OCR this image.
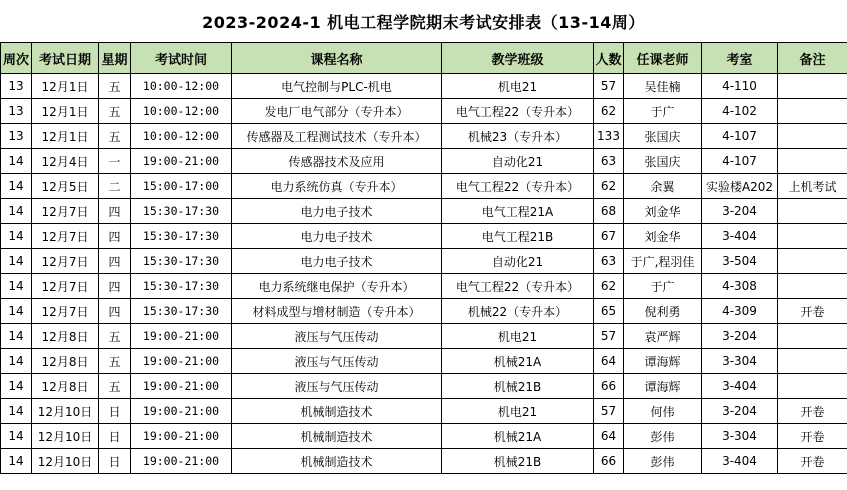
2023-2024-1 机电工程学院期末考试安排表（13-14周）
周次	考试日期	星期	考试时间	课程名称	教学班级	人数	任课老师	考室	备注
13	12月1日	五	10:00-12:00	电气控制与PLC-机电	机电21	57	吴佳楠	4-110	
13	12月1日	五	10:00-12:00	发电厂电气部分（专升本）	电气工程22（专升本）	62	于广	4-102	
13	12月1日	五	10:00-12:00	传感器及工程测试技术（专升本）	机械23（专升本）	133	张国庆	4-107	
14	12月4日	一	19:00-21:00	传感器技术及应用	自动化21	63	张国庆	4-107	
14	12月5日	二	15:00-17:00	电力系统仿真（专升本）	电气工程22（专升本）	62	余翼	实验楼A202	上机考试
14	12月7日	四	15:30-17:30	电力电子技术	电气工程21A	68	刘金华	3-204	
14	12月7日	四	15:30-17:30	电力电子技术	电气工程21B	67	刘金华	3-404	
14	12月7日	四	15:30-17:30	电力电子技术	自动化21	63	于广,程羽佳	3-504	
14	12月7日	四	15:30-17:30	电力系统继电保护（专升本）	电气工程22（专升本）	62	于广	4-308	
14	12月7日	四	15:30-17:30	材料成型与增材制造（专升本）	机械22（专升本）	65	倪利勇	4-309	开卷
14	12月8日	五	19:00-21:00	液压与气压传动	机电21	57	袁严辉	3-204	
14	12月8日	五	19:00-21:00	液压与气压传动	机械21A	64	谭海辉	3-304	
14	12月8日	五	19:00-21:00	液压与气压传动	机械21B	66	谭海辉	3-404	
14	12月10日	日	19:00-21:00	机械制造技术	机电21	57	何伟	3-204	开卷
14	12月10日	日	19:00-21:00	机械制造技术	机械21A	64	彭伟	3-304	开卷
14	12月10日	日	19:00-21:00	机械制造技术	机械21B	66	彭伟	3-404	开卷
